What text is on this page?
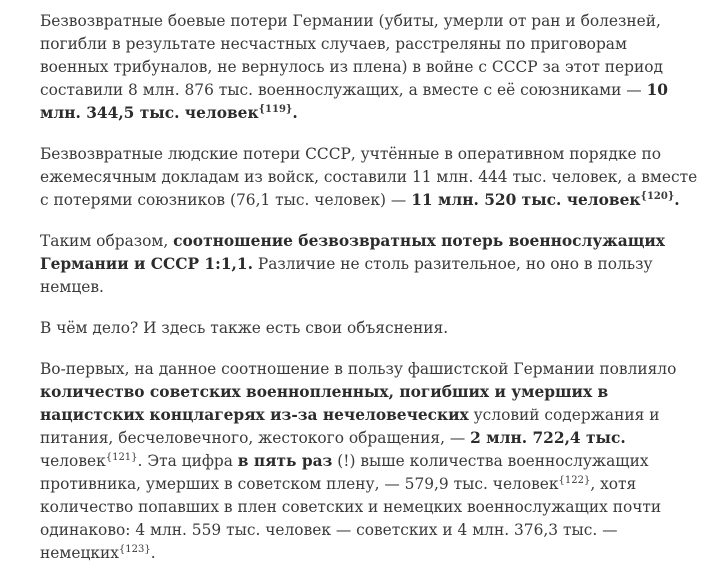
Безвозвратные боевые потери Германии (убиты, умерли от ран и болезней, погибли в результате несчастных случаев, расстреляны по приговорам военных трибуналов, не вернулось из плена) в войне с СССР за этот период составили 8 млн. 876 тыс. военнослужащих, а вместе с её союзниками — 10 млн. 344,5 тыс. человек$^{\{119\}}$.

Безвозвратные людские потери СССР, учтённые в оперативном порядке по ежемесячным докладам из войск, составили 11 млн. 444 тыс. человек, а вместе с потерями союзников (76,1 тыс. человек) — 11 млн. 520 тыс. человек$^{\{120\}}$.

Таким образом, соотношение безвозвратных потерь военнослужащих Германии и СССР 1:1,1. Различие не столь разительное, но оно в пользу немцев.

В чём дело? И здесь также есть свои объяснения.

Во-первых, на данное соотношение в пользу фашистской Германии повлияло количество советских военнопленных, погибших и умерших в нацистских концлагерях из-за нечеловеческих условий содержания и питания, бесчеловечного, жестокого обращения, — 2 млн. 722,4 тыс. человек$^{\{121\}}$. Эта цифра в пять раз (!) выше количества военнослужащих противника, умерших в советском плену, — 579,9 тыс. человек$^{\{122\}}$, хотя количество попавших в плен советских и немецких военнослужащих почти одинаково: 4 млн. 559 тыс. человек — советских и 4 млн. 376,3 тыс. — немецких$^{\{123\}}$.
